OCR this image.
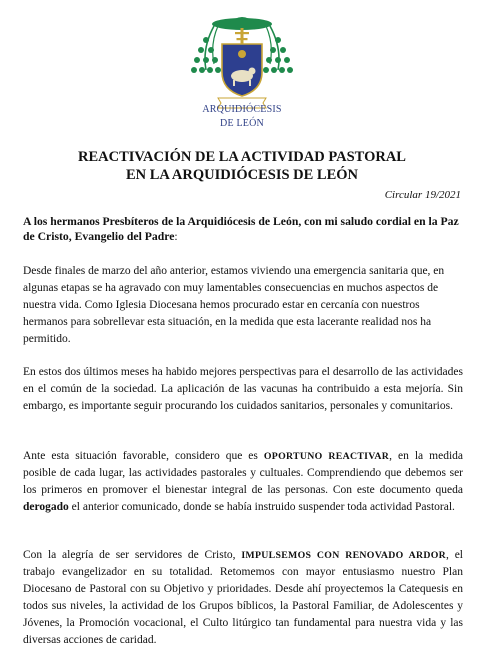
ARQUIDIÓCESIS
DE LEÓN
REACTIVACIÓN DE LA ACTIVIDAD PASTORAL
EN LA ARQUIDIÓCESIS DE LEÓN
Circular 19/2021
A los hermanos Presbíteros de la Arquidiócesis de León, con mi saludo cordial en la Paz de Cristo, Evangelio del Padre:
Desde finales de marzo del año anterior, estamos viviendo una emergencia sanitaria que, en algunas etapas se ha agravado con muy lamentables consecuencias en muchos aspectos de nuestra vida. Como Iglesia Diocesana hemos procurado estar en cercanía con nuestros hermanos para sobrellevar esta situación, en la medida que esta lacerante realidad nos ha permitido.
En estos dos últimos meses ha habido mejores perspectivas para el desarrollo de las actividades en el común de la sociedad. La aplicación de las vacunas ha contribuido a esta mejoría. Sin embargo, es importante seguir procurando los cuidados sanitarios, personales y comunitarios.
Ante esta situación favorable, considero que es OPORTUNO REACTIVAR, en la medida posible de cada lugar, las actividades pastorales y cultuales. Comprendiendo que debemos ser los primeros en promover el bienestar integral de las personas. Con este documento queda derogado el anterior comunicado, donde se había instruido suspender toda actividad Pastoral.
Con la alegría de ser servidores de Cristo, IMPULSEMOS CON RENOVADO ARDOR, el trabajo evangelizador en su totalidad. Retomemos con mayor entusiasmo nuestro Plan Diocesano de Pastoral con su Objetivo y prioridades. Desde ahí proyectemos la Catequesis en todos sus niveles, la actividad de los Grupos bíblicos, la Pastoral Familiar, de Adolescentes y Jóvenes, la Promoción vocacional, el Culto litúrgico tan fundamental para nuestra vida y las diversas acciones de caridad.
